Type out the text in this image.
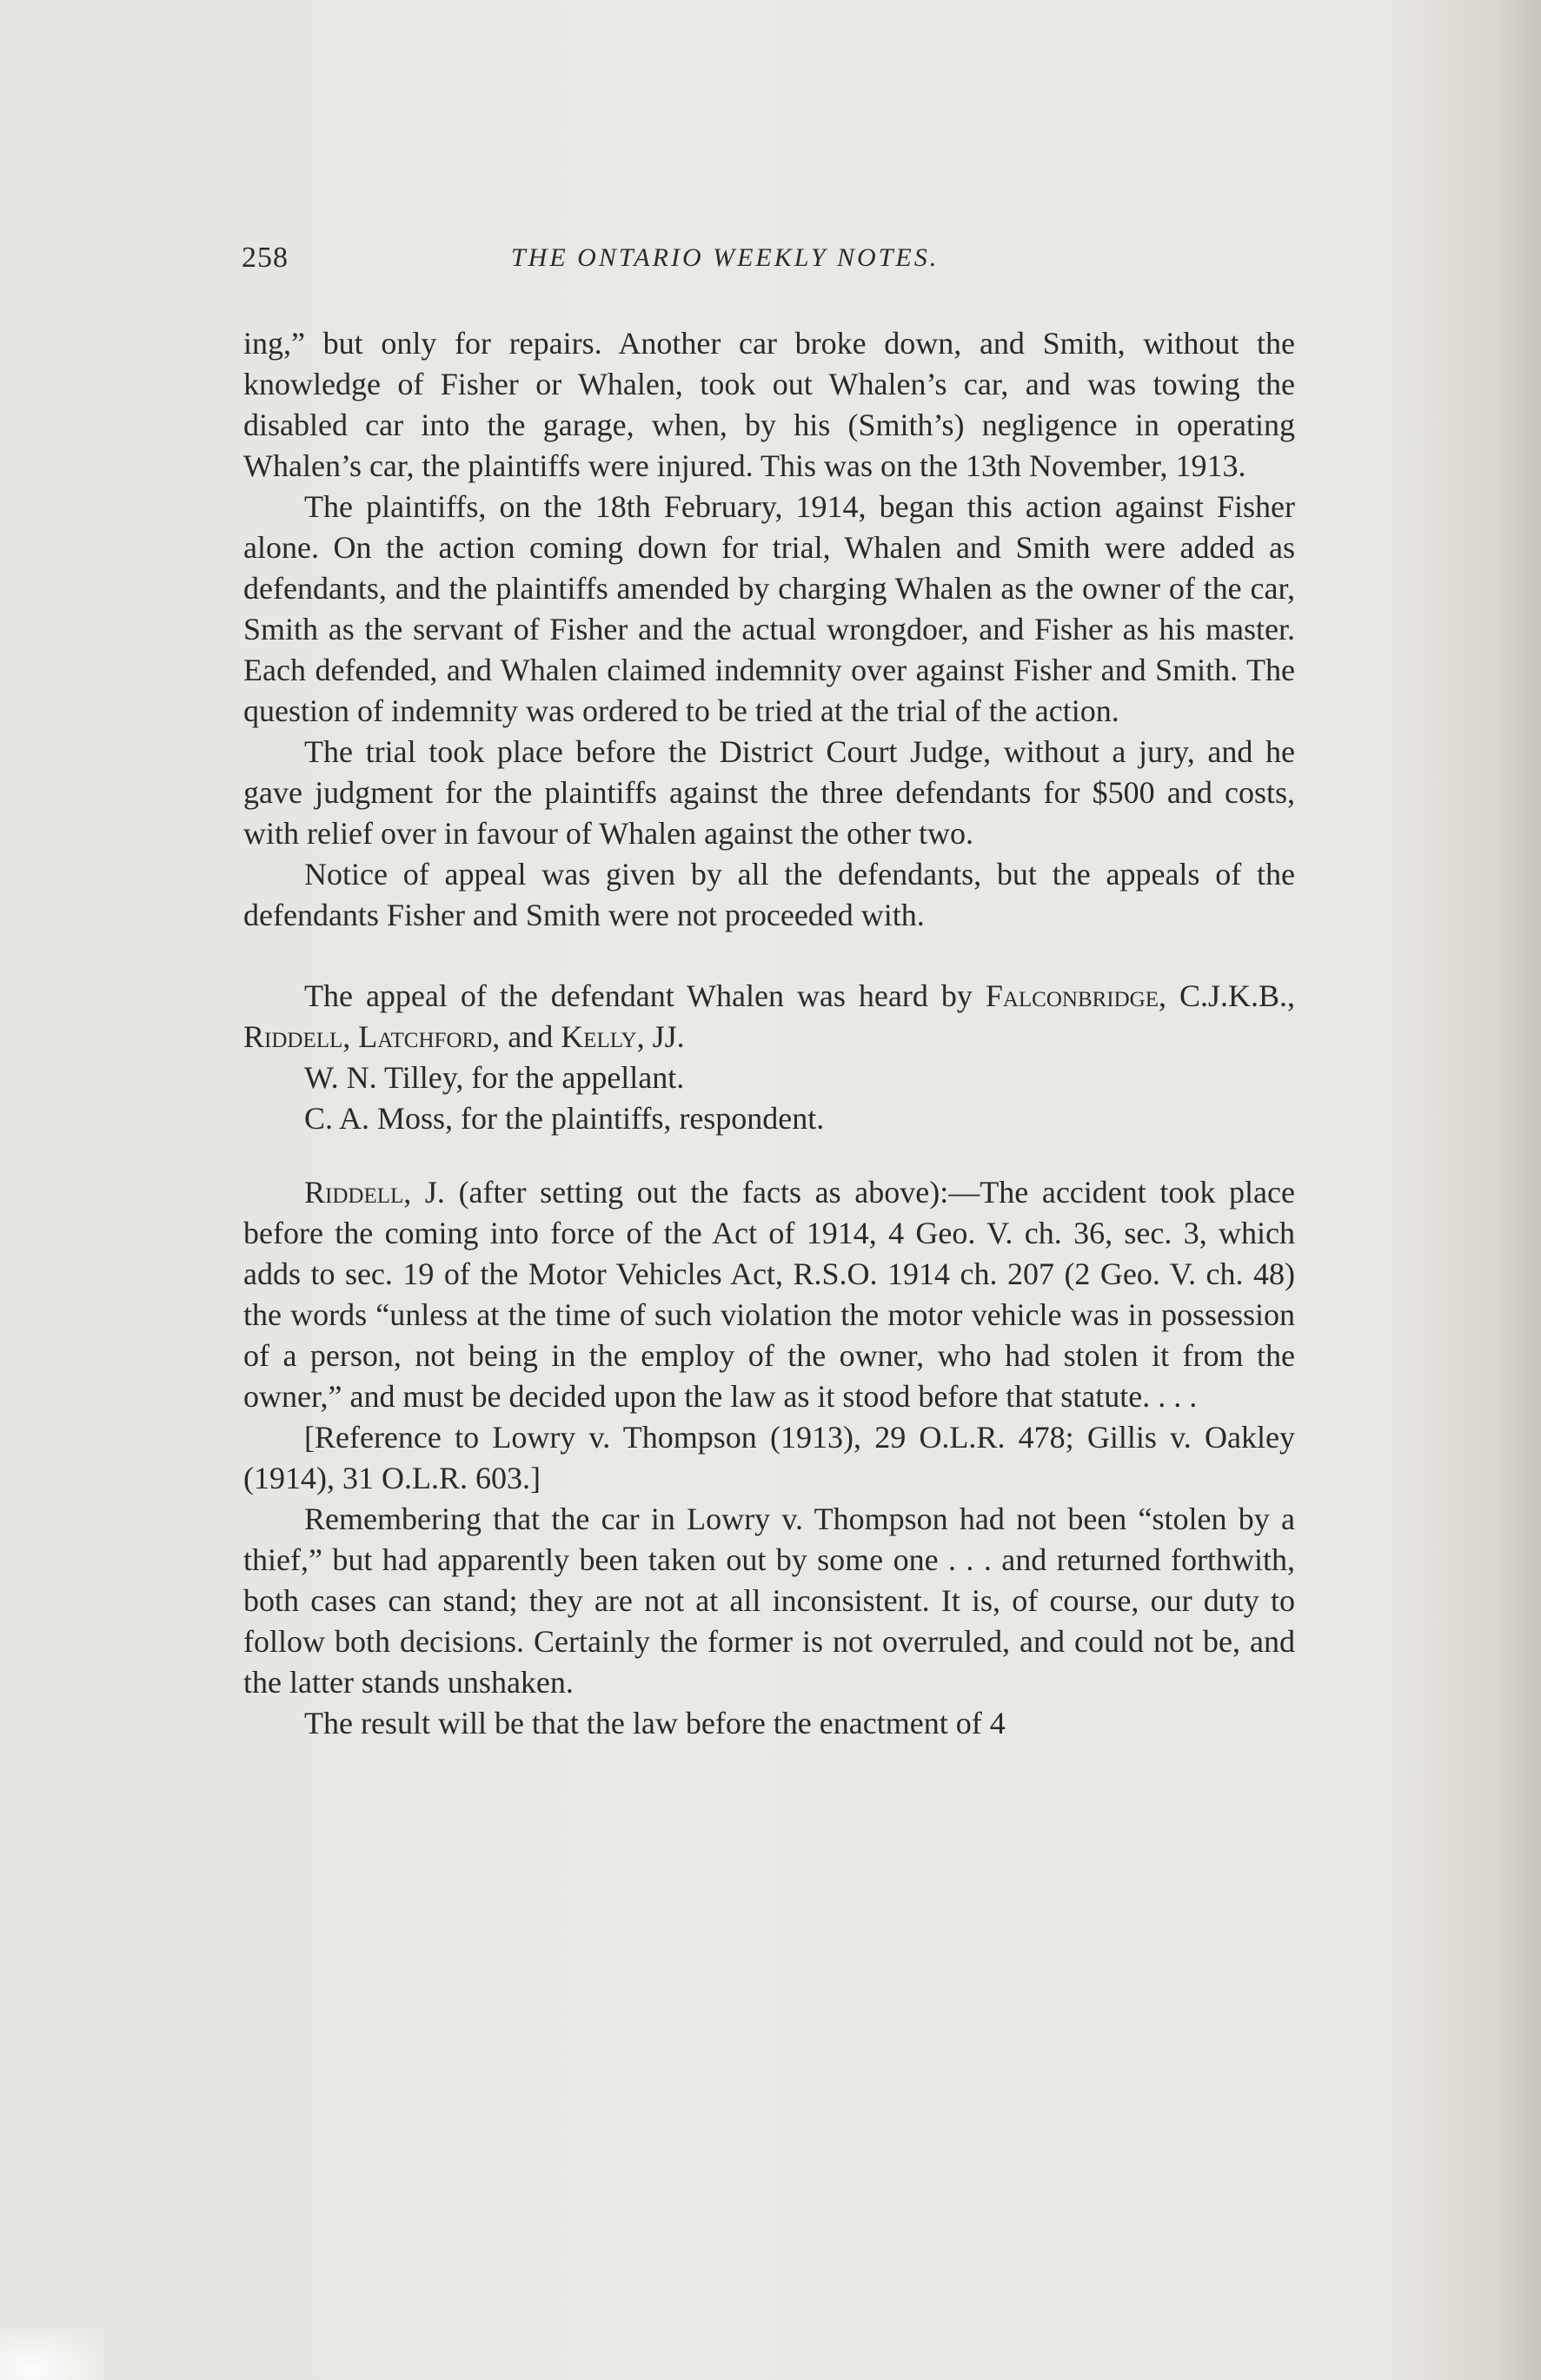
258	THE ONTARIO WEEKLY NOTES.

ing,” but only for repairs. Another car broke down, and Smith, without the knowledge of Fisher or Whalen, took out Whalen’s car, and was towing the disabled car into the garage, when, by his (Smith’s) negligence in operating Whalen’s car, the plaintiffs were injured. This was on the 13th November, 1913.

The plaintiffs, on the 18th February, 1914, began this action against Fisher alone. On the action coming down for trial, Whalen and Smith were added as defendants, and the plaintiffs amended by charging Whalen as the owner of the car, Smith as the servant of Fisher and the actual wrongdoer, and Fisher as his master. Each defended, and Whalen claimed indemnity over against Fisher and Smith. The question of indemnity was ordered to be tried at the trial of the action.

The trial took place before the District Court Judge, without a jury, and he gave judgment for the plaintiffs against the three defendants for $500 and costs, with relief over in favour of Whalen against the other two.

Notice of appeal was given by all the defendants, but the appeals of the defendants Fisher and Smith were not proceeded with.

The appeal of the defendant Whalen was heard by Falconbridge, C.J.K.B., Riddell, Latchford, and Kelly, JJ.

W. N. Tilley, for the appellant.

C. A. Moss, for the plaintiffs, respondent.

Riddell, J. (after setting out the facts as above):—The accident took place before the coming into force of the Act of 1914, 4 Geo. V. ch. 36, sec. 3, which adds to sec. 19 of the Motor Vehicles Act, R.S.O. 1914 ch. 207 (2 Geo. V. ch. 48) the words “unless at the time of such violation the motor vehicle was in possession of a person, not being in the employ of the owner, who had stolen it from the owner,” and must be decided upon the law as it stood before that statute. . . .

[Reference to Lowry v. Thompson (1913), 29 O.L.R. 478; Gillis v. Oakley (1914), 31 O.L.R. 603.]

Remembering that the car in Lowry v. Thompson had not been “stolen by a thief,” but had apparently been taken out by some one . . . and returned forthwith, both cases can stand; they are not at all inconsistent. It is, of course, our duty to follow both decisions. Certainly the former is not overruled, and could not be, and the latter stands unshaken.

The result will be that the law before the enactment of 4
